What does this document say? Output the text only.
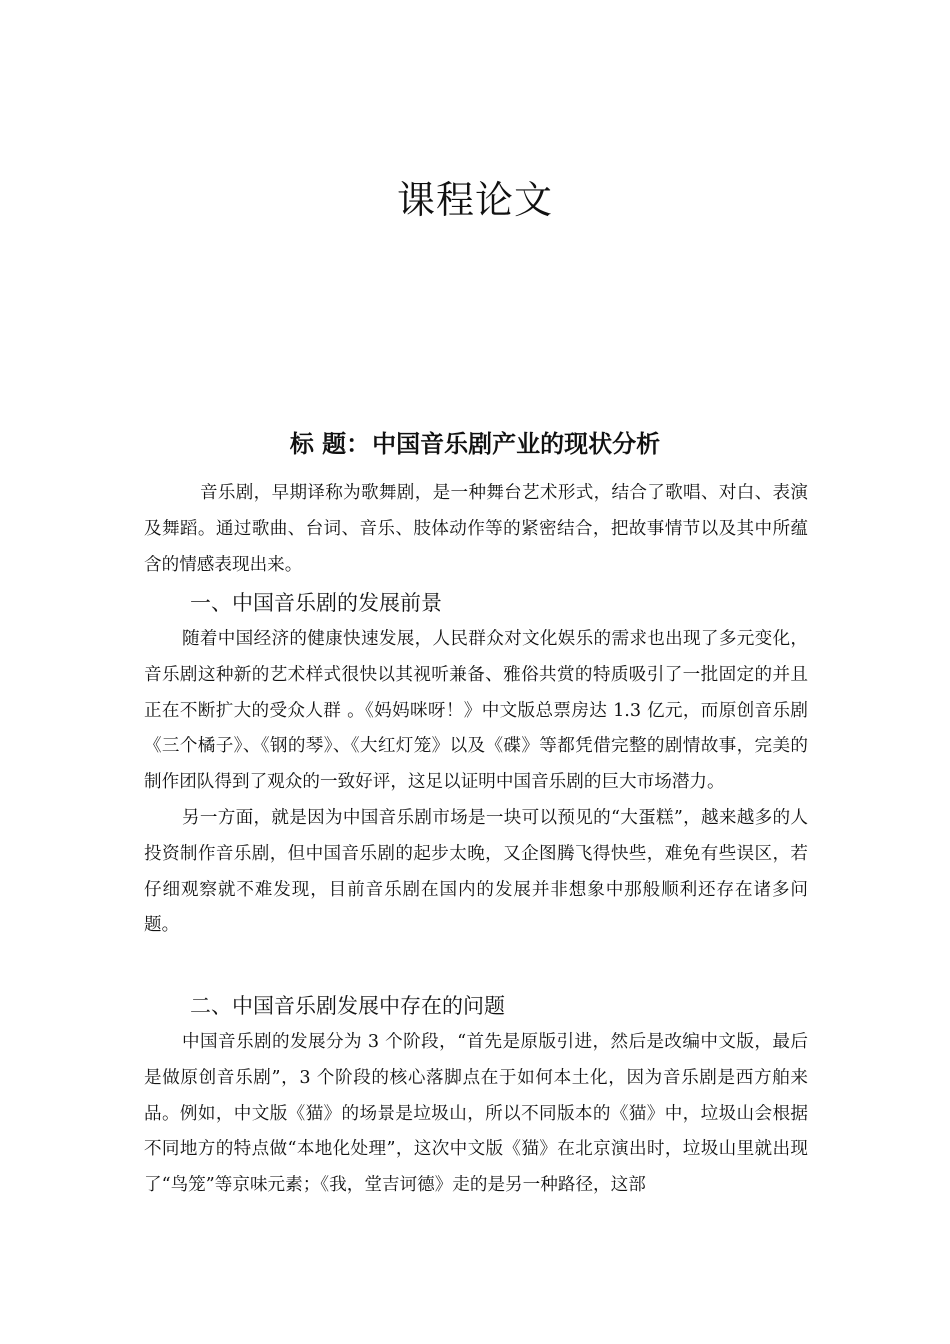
课程论文
标 题：中国音乐剧产业的现状分析

音乐剧，早期译称为歌舞剧，是一种舞台艺术形式，结合了歌唱、对白、表演及舞蹈。通过歌曲、台词、音乐、肢体动作等的紧密结合，把故事情节以及其中所蕴含的情感表现出来。

一、中国音乐剧的发展前景

随着中国经济的健康快速发展，人民群众对文化娱乐的需求也出现了多元变化，音乐剧这种新的艺术样式很快以其视听兼备、雅俗共赏的特质吸引了一批固定的并且正在不断扩大的受众人群 。《妈妈咪呀！》中文版总票房达 1.3 亿元，而原创音乐剧《三个橘子》、《钢的琴》、《大红灯笼》以及《碟》等都凭借完整的剧情故事，完美的制作团队得到了观众的一致好评，这足以证明中国音乐剧的巨大市场潜力。

另一方面，就是因为中国音乐剧市场是一块可以预见的“大蛋糕”，越来越多的人投资制作音乐剧，但中国音乐剧的起步太晚，又企图腾飞得快些，难免有些误区，若仔细观察就不难发现，目前音乐剧在国内的发展并非想象中那般顺利还存在诸多问题。

二、中国音乐剧发展中存在的问题

中国音乐剧的发展分为 3 个阶段，“首先是原版引进，然后是改编中文版，最后是做原创音乐剧”，3 个阶段的核心落脚点在于如何本土化，因为音乐剧是西方舶来品。例如，中文版《猫》的场景是垃圾山，所以不同版本的《猫》中，垃圾山会根据不同地方的特点做“本地化处理”，这次中文版《猫》在北京演出时，垃圾山里就出现了“鸟笼”等京味元素；《我，堂吉诃德》走的是另一种路径，这部
